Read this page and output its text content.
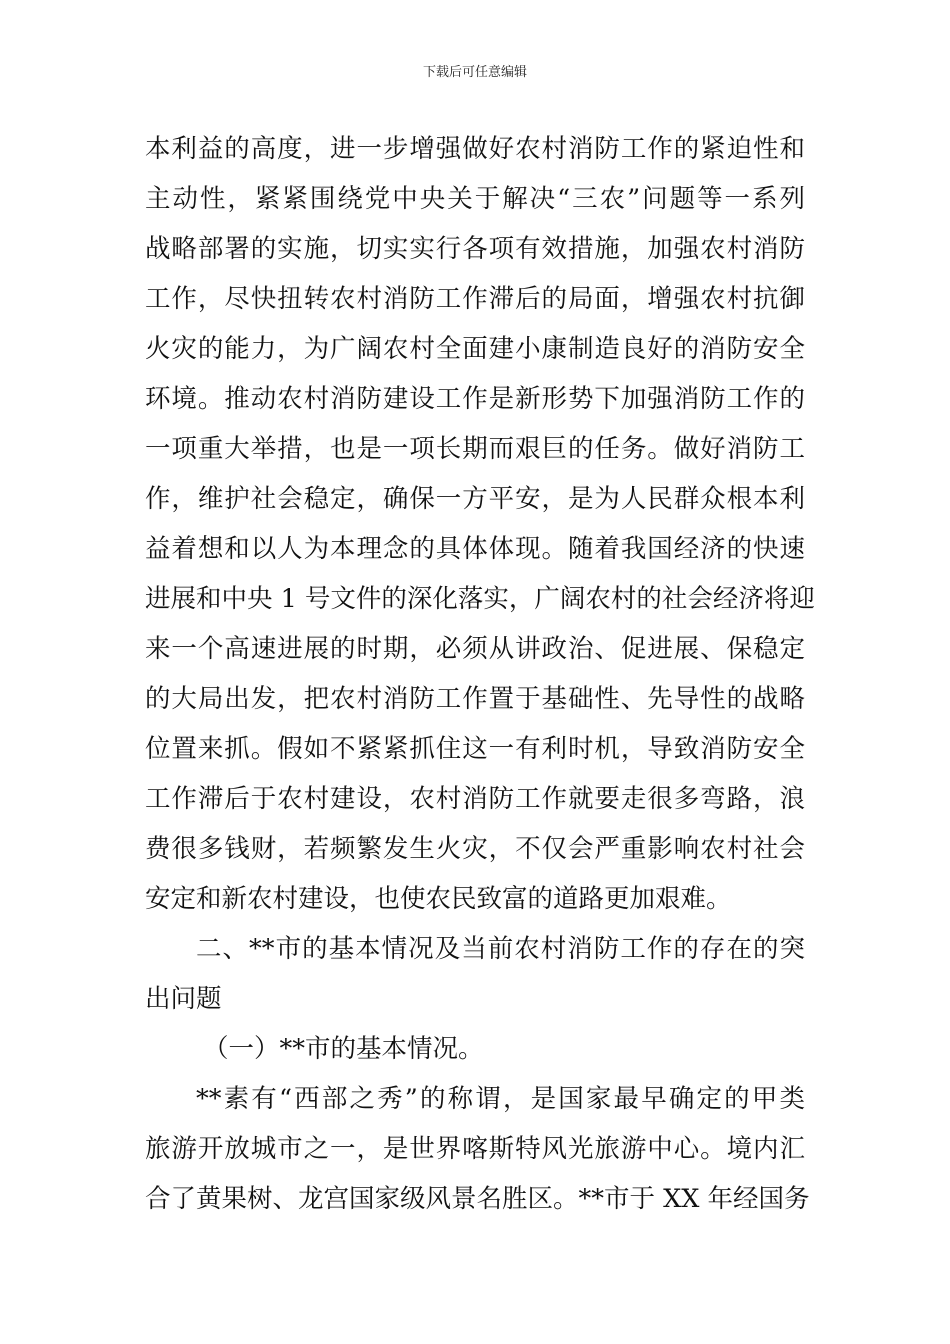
下载后可任意编辑
本利益的高度，进一步增强做好农村消防工作的紧迫性和
主动性，紧紧围绕党中央关于解决“三农”问题等一系列
战略部署的实施，切实实行各项有效措施，加强农村消防
工作，尽快扭转农村消防工作滞后的局面，增强农村抗御
火灾的能力，为广阔农村全面建小康制造良好的消防安全
环境。推动农村消防建设工作是新形势下加强消防工作的
一项重大举措，也是一项长期而艰巨的任务。做好消防工
作，维护社会稳定，确保一方平安，是为人民群众根本利
益着想和以人为本理念的具体体现。随着我国经济的快速
进展和中央 1 号文件的深化落实，广阔农村的社会经济将迎
来一个高速进展的时期，必须从讲政治、促进展、保稳定
的大局出发，把农村消防工作置于基础性、先导性的战略
位置来抓。假如不紧紧抓住这一有利时机，导致消防安全
工作滞后于农村建设，农村消防工作就要走很多弯路，浪
费很多钱财，若频繁发生火灾，不仅会严重影响农村社会
安定和新农村建设，也使农民致富的道路更加艰难。
二、**市的基本情况及当前农村消防工作的存在的突
出问题
（一）**市的基本情况。
**素有“西部之秀”的称谓，是国家最早确定的甲类
旅游开放城市之一，是世界喀斯特风光旅游中心。境内汇
合了黄果树、龙宫国家级风景名胜区。**市于 XX 年经国务
